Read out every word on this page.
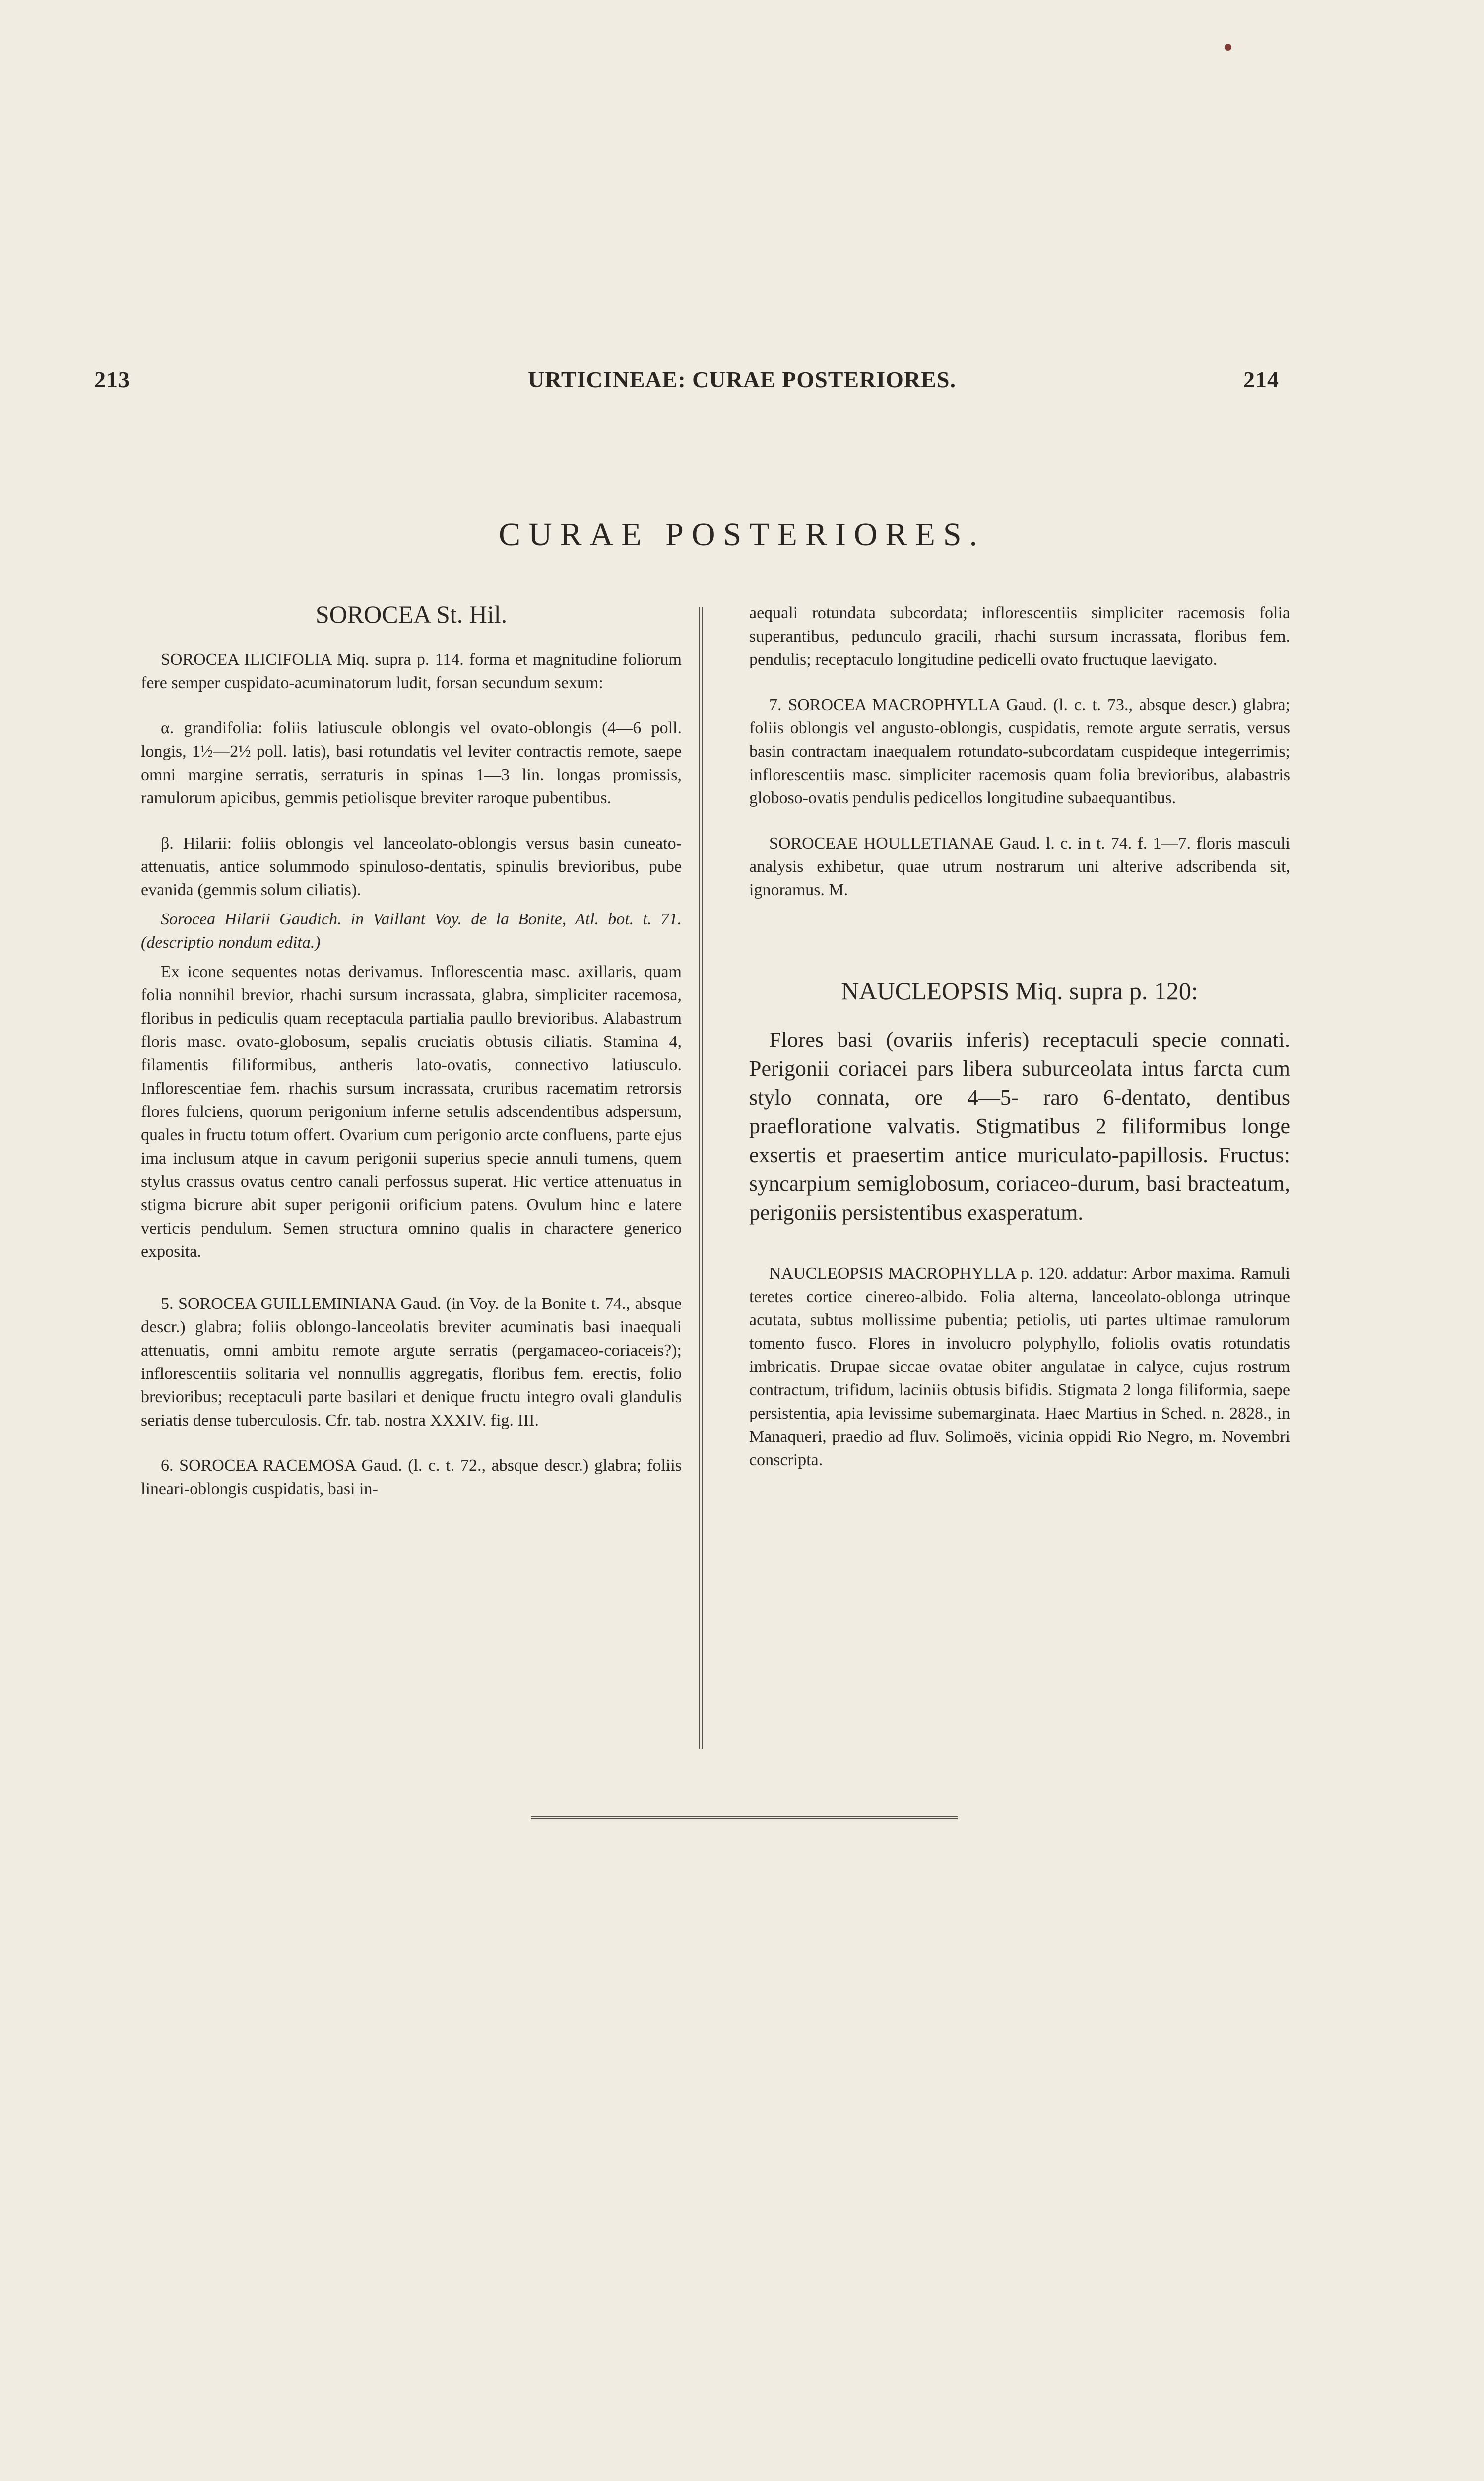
213	URTICINEAE: CURAE POSTERIORES.	214
CURAE POSTERIORES.

SOROCEA St. Hil.

SOROCEA ILICIFOLIA Miq. supra p. 114. forma et magnitudine foliorum fere semper cuspidato-acuminatorum ludit, forsan secundum sexum:

α. grandifolia: foliis latiuscule oblongis vel ovato-oblongis (4—6 poll. longis, 1½—2½ poll. latis), basi rotundatis vel leviter contractis remote, saepe omni margine serratis, serraturis in spinas 1—3 lin. longas promissis, ramulorum apicibus, gemmis petiolisque breviter raroque pubentibus.

β. Hilarii: foliis oblongis vel lanceolato-oblongis versus basin cuneato-attenuatis, antice solummodo spinuloso-dentatis, spinulis brevioribus, pube evanida (gemmis solum ciliatis).

Sorocea Hilarii Gaudich. in Vaillant Voy. de la Bonite, Atl. bot. t. 71. (descriptio nondum edita.)

Ex icone sequentes notas derivamus. Inflorescentia masc. axillaris, quam folia nonnihil brevior, rhachi sursum incrassata, glabra, simpliciter racemosa, floribus in pediculis quam receptacula partialia paullo brevioribus. Alabastrum floris masc. ovato-globosum, sepalis cruciatis obtusis ciliatis. Stamina 4, filamentis filiformibus, antheris lato-ovatis, connectivo latiusculo. Inflorescentiae fem. rhachis sursum incrassata, cruribus racematim retrorsis flores fulciens, quorum perigonium inferne setulis adscendentibus adspersum, quales in fructu totum offert. Ovarium cum perigonio arcte confluens, parte ejus ima inclusum atque in cavum perigonii superius specie annuli tumens, quem stylus crassus ovatus centro canali perfossus superat. Hic vertice attenuatus in stigma bicrure abit super perigonii orificium patens. Ovulum hinc e latere verticis pendulum. Semen structura omnino qualis in charactere generico exposita.

5. SOROCEA GUILLEMINIANA Gaud. (in Voy. de la Bonite t. 74., absque descr.) glabra; foliis oblongo-lanceolatis breviter acuminatis basi inaequali attenuatis, omni ambitu remote argute serratis (pergamaceo-coriaceis?); inflorescentiis solitaria vel nonnullis aggregatis, floribus fem. erectis, folio brevioribus; receptaculi parte basilari et denique fructu integro ovali glandulis seriatis dense tuberculosis. Cfr. tab. nostra XXXIV. fig. III.

6. SOROCEA RACEMOSA Gaud. (l. c. t. 72., absque descr.) glabra; foliis lineari-oblongis cuspidatis, basi in-

aequali rotundata subcordata; inflorescentiis simpliciter racemosis folia superantibus, pedunculo gracili, rhachi sursum incrassata, floribus fem. pendulis; receptaculo longitudine pedicelli ovato fructuque laevigato.

7. SOROCEA MACROPHYLLA Gaud. (l. c. t. 73., absque descr.) glabra; foliis oblongis vel angusto-oblongis, cuspidatis, remote argute serratis, versus basin contractam inaequalem rotundato-subcordatam cuspideque integerrimis; inflorescentiis masc. simpliciter racemosis quam folia brevioribus, alabastris globoso-ovatis pendulis pedicellos longitudine subaequantibus.

SOROCEAE HOULLETIANAE Gaud. l. c. in t. 74. f. 1—7. floris masculi analysis exhibetur, quae utrum nostrarum uni alterive adscribenda sit, ignoramus. M.

NAUCLEOPSIS Miq. supra p. 120:

Flores basi (ovariis inferis) receptaculi specie connati. Perigonii coriacei pars libera suburceolata intus farcta cum stylo connata, ore 4—5- raro 6-dentato, dentibus praefloratione valvatis. Stigmatibus 2 filiformibus longe exsertis et praesertim antice muriculato-papillosis. Fructus: syncarpium semiglobosum, coriaceo-durum, basi bracteatum, perigoniis persistentibus exasperatum.

NAUCLEOPSIS MACROPHYLLA p. 120. addatur: Arbor maxima. Ramuli teretes cortice cinereo-albido. Folia alterna, lanceolato-oblonga utrinque acutata, subtus mollissime pubentia; petiolis, uti partes ultimae ramulorum tomento fusco. Flores in involucro polyphyllo, foliolis ovatis rotundatis imbricatis. Drupae siccae ovatae obiter angulatae in calyce, cujus rostrum contractum, trifidum, laciniis obtusis bifidis. Stigmata 2 longa filiformia, saepe persistentia, apia levissime subemarginata. Haec Martius in Sched. n. 2828., in Manaqueri, praedio ad fluv. Solimoës, vicinia oppidi Rio Negro, m. Novembri conscripta.
